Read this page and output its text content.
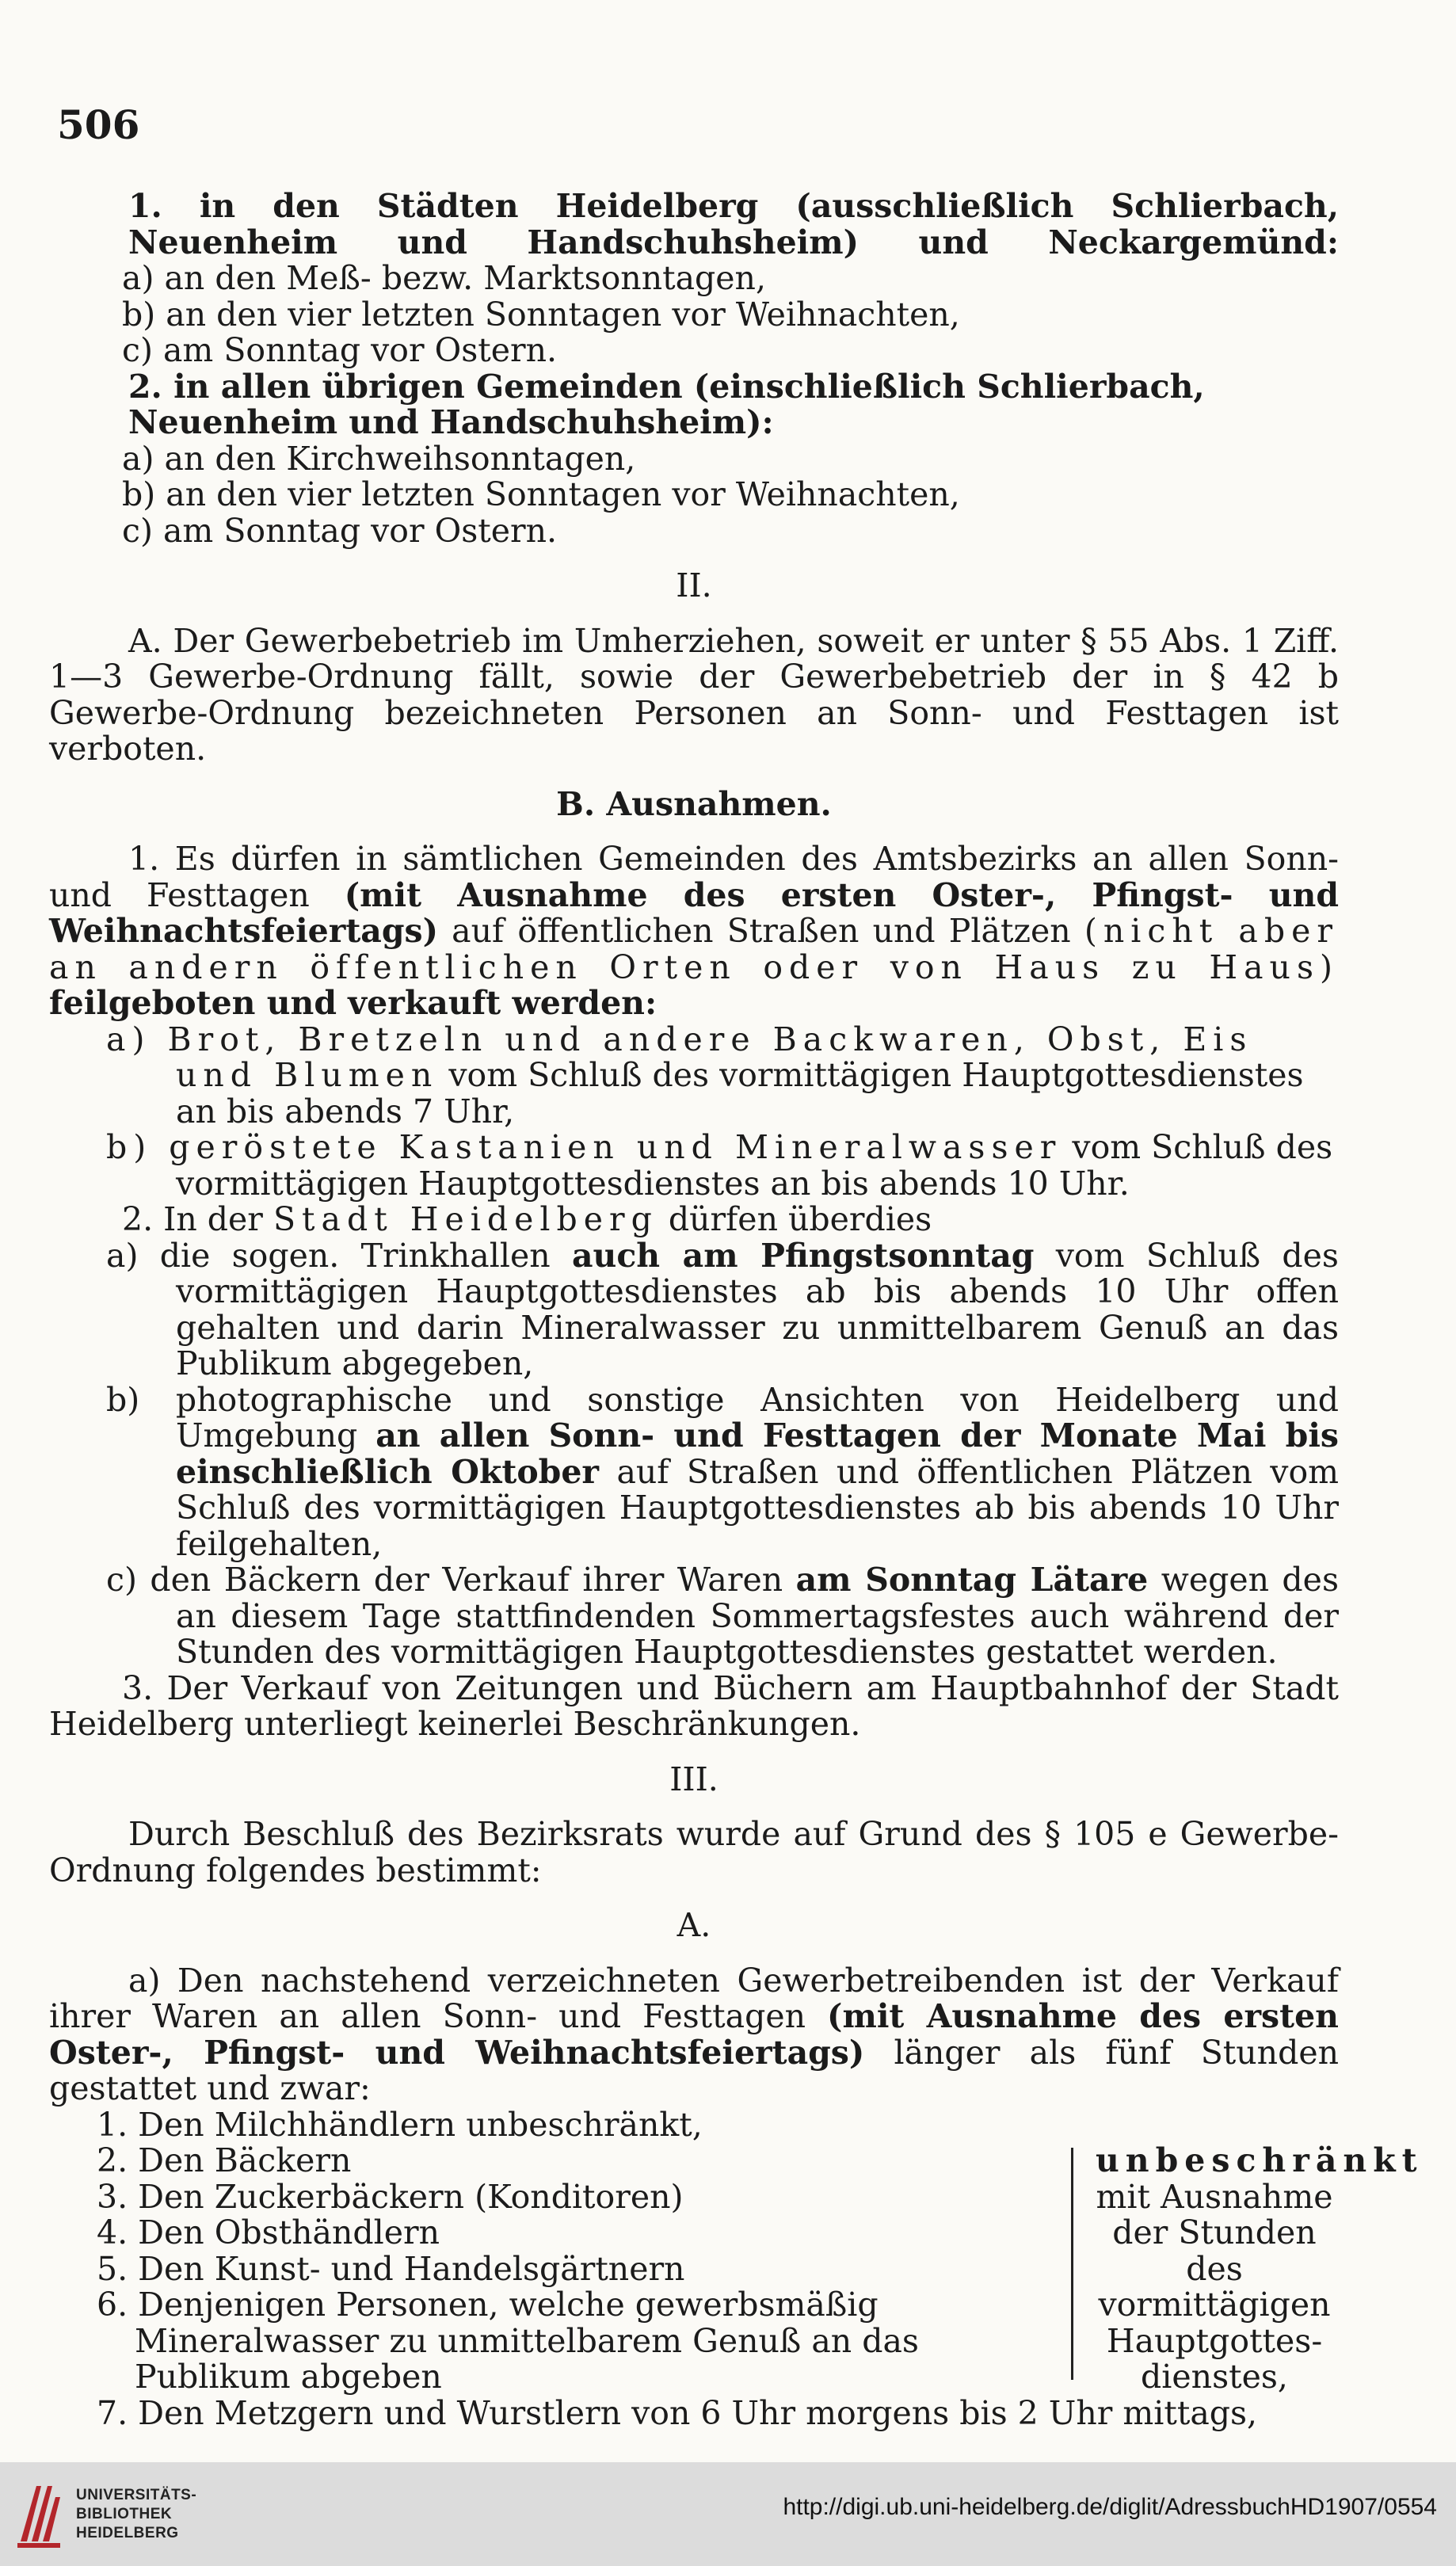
506

1. in den Städten Heidelberg (ausschließlich Schlierbach, Neuenheim und Handschuhsheim) und Neckargemünd:

a) an den Meß- bezw. Marktsonntagen,

b) an den vier letzten Sonntagen vor Weihnachten,

c) am Sonntag vor Ostern.

2. in allen übrigen Gemeinden (einschließlich Schlierbach, Neuenheim und Handschuhsheim):

a) an den Kirchweihsonntagen,

b) an den vier letzten Sonntagen vor Weihnachten,

c) am Sonntag vor Ostern.

II.

A. Der Gewerbebetrieb im Umherziehen, soweit er unter § 55 Abs. 1 Ziff. 1—3 Gewerbe-Ordnung fällt, sowie der Gewerbebetrieb der in § 42 b Gewerbe-Ordnung bezeichneten Personen an Sonn- und Festtagen ist verboten.

B. Ausnahmen.

1. Es dürfen in sämtlichen Gemeinden des Amtsbezirks an allen Sonn- und Festtagen (mit Ausnahme des ersten Oster-, Pfingst- und Weihnachtsfeiertags) auf öffentlichen Straßen und Plätzen (nicht aber an andern öffentlichen Orten oder von Haus zu Haus) feilgeboten und verkauft werden:

a) Brot, Bretzeln und andere Backwaren, Obst, Eis und Blumen vom Schluß des vormittägigen Hauptgottesdienstes an bis abends 7 Uhr,

b) geröstete Kastanien und Mineralwasser vom Schluß des vormittägigen Hauptgottesdienstes an bis abends 10 Uhr.

2. In der Stadt Heidelberg dürfen überdies

a) die sogen. Trinkhallen auch am Pfingstsonntag vom Schluß des vormittägigen Hauptgottesdienstes ab bis abends 10 Uhr offen gehalten und darin Mineralwasser zu unmittelbarem Genuß an das Publikum abgegeben,

b) photographische und sonstige Ansichten von Heidelberg und Umgebung an allen Sonn- und Festtagen der Monate Mai bis einschließlich Oktober auf Straßen und öffentlichen Plätzen vom Schluß des vormittägigen Hauptgottesdienstes ab bis abends 10 Uhr feilgehalten,

c) den Bäckern der Verkauf ihrer Waren am Sonntag Lätare wegen des an diesem Tage stattfindenden Sommertagsfestes auch während der Stunden des vormittägigen Hauptgottesdienstes gestattet werden.

3. Der Verkauf von Zeitungen und Büchern am Hauptbahnhof der Stadt Heidelberg unterliegt keinerlei Beschränkungen.

III.

Durch Beschluß des Bezirksrats wurde auf Grund des § 105 e Gewerbe-Ordnung folgendes bestimmt:

A.

a) Den nachstehend verzeichneten Gewerbetreibenden ist der Verkauf ihrer Waren an allen Sonn- und Festtagen (mit Ausnahme des ersten Oster-, Pfingst- und Weihnachtsfeiertags) länger als fünf Stunden gestattet und zwar:

1. Den Milchhändlern unbeschränkt,

2. Den Bäckern

3. Den Zuckerbäckern (Konditoren)

4. Den Obsthändlern

5. Den Kunst- und Handelsgärtnern

6. Denjenigen Personen, welche gewerbsmäßig Mineralwasser zu unmittelbarem Genuß an das Publikum abgeben

unbeschränkt

mit Ausnahme

der Stunden des

vormittägigen

Hauptgottes-

dienstes,

7. Den Metzgern und Wurstlern von 6 Uhr morgens bis 2 Uhr mittags,

UNIVERSITÄTS-
BIBLIOTHEK
HEIDELBERG
http://digi.ub.uni-heidelberg.de/diglit/AdressbuchHD1907/0554
